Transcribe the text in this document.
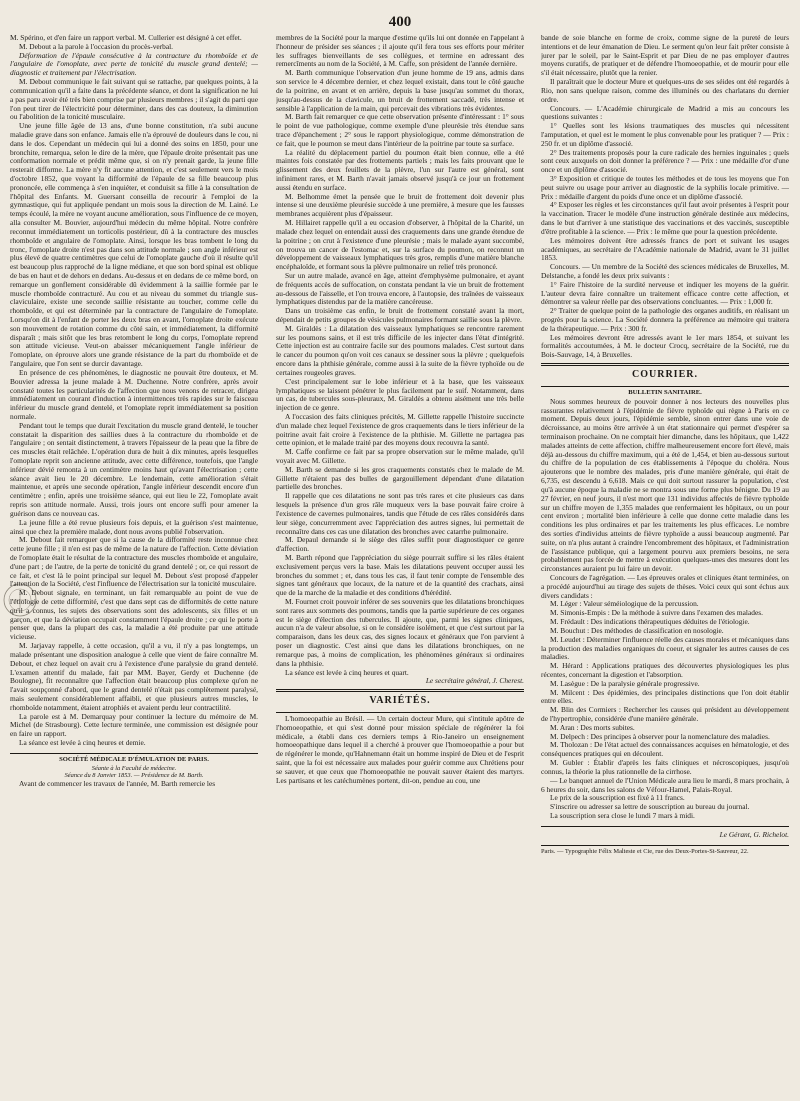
400

M. Spérino, et d'en faire un rapport verbal. M. Cullerier est désigné à cet effet.

M. Debout a la parole à l'occasion du procès-verbal.

Déformation de l'épaule consécutive à la contracture du rhomboïde et de l'angulaire de l'omoplate, avec perte de tonicité du muscle grand dentelé; — diagnostic et traitement par l'électrisation.

M. Debout communique le fait suivant qui se rattache, par quelques points, à la communication qu'il a faite dans la précédente séance, et dont la signification ne lui a pas paru avoir été très bien comprise par plusieurs membres ; il s'agit du parti que l'on peut tirer de l'électricité pour déterminer, dans des cas douteux, la diminution ou l'abolition de la tonicité musculaire.

Une jeune fille âgée de 13 ans, d'une bonne constitution, n'a subi aucune maladie grave dans son enfance. Jamais elle n'a éprouvé de douleurs dans le cou, ni dans le dos. Cependant un médecin qui lui a donné des soins en 1850, pour une bronchite, remarqua, selon le dire de la mère, que l'épaule droite présentait pas une conformation normale et prédit même que, si on n'y prenait garde, la jeune fille resterait difforme. La mère n'y fit aucune attention, et c'est seulement vers le mois d'octobre 1852, que voyant la difformité de l'épaule de sa fille beaucoup plus prononcée, elle commença à s'en inquiéter, et conduisit sa fille à la consultation de l'hôpital des Enfants. M. Guersant conseilla de recourir à l'emploi de la gymnastique, qui fut appliquée pendant un mois sous la direction de M. Lainé. Le temps écoulé, la mère ne voyant aucune amélioration, sous l'influence de ce moyen, alla consulter M. Bouvier, aujourd'hui médecin du même hôpital. Notre confrère reconnut immédiatement un torticolis postérieur, dû à la contracture des muscles rhomboïde et angulaire de l'omoplate. Ainsi, lorsque les bras tombent le long du tronc, l'omoplate droite n'est pas dans son attitude normale ; son angle inférieur est plus élevé de quatre centimètres que celui de l'omoplate gauche d'où il résulte qu'il est beaucoup plus rapproché de la ligne médiane, et que son bord spinal est oblique de bas en haut et de dehors en dedans. Au-dessus et en dedans de ce même bord, on remarque un gonflement considérable dû évidemment à la saillie formée par le muscle rhomboïde contracturé. Au cou et au niveau du sommet du triangle sus-claviculaire, existe une seconde saillie résistante au toucher, comme celle du rhomboïde, et qui est déterminée par la contracture de l'angulaire de l'omoplate. Lorsqu'on dit à l'enfant de porter les deux bras en avant, l'omoplate droite exécute son mouvement de rotation comme du côté sain, et immédiatement, la difformité disparaît ; mais sitôt que les bras retombent le long du corps, l'omoplate reprend son attitude vicieuse. Veut-on abaisser mécaniquement l'angle inférieur de l'omoplate, on éprouve alors une grande résistance de la part du rhomboïde et de l'angulaire, que l'on sent se durcir davantage.

En présence de ces phénomènes, le diagnostic ne pouvait être douteux, et M. Bouvier adressa la jeune malade à M. Duchenne. Notre confrère, après avoir constaté toutes les particularités de l'affection que nous venons de retracer, dirigea immédiatement un courant d'induction à intermittences très rapides sur le faisceau inférieur du muscle grand dentelé, et l'omoplate reprit immédiatement sa position normale.

Pendant tout le temps que durait l'excitation du muscle grand dentelé, le toucher constatait la disparition des saillies dues à la contracture du rhomboïde et de l'angulaire ; on sentait distinctement, à travers l'épaisseur de la peau que la fibre de ces muscles était relâchée. L'opération dura de huit à dix minutes, après lesquelles l'omoplate reprit son ancienne attitude, avec cette différence, toutefois, que l'angle inférieur dévié remonta à un centimètre moins haut qu'avant l'électrisation ; cette séance avait lieu le 20 décembre. Le lendemain, cette amélioration s'était maintenue, et après une seconde opération, l'angle inférieur descendit encore d'un centimètre ; enfin, après une troisième séance, qui eut lieu le 22, l'omoplate avait repris son attitude normale. Aussi, trois jours ont encore suffi pour amener la guérison dans ce nouveau cas.

La jeune fille a été revue plusieurs fois depuis, et la guérison s'est maintenue, ainsi que chez la première malade, dont nous avons publié l'observation.

M. Debout fait remarquer que si la cause de la difformité reste inconnue chez cette jeune fille ; il n'en est pas de même de la nature de l'affection. Cette déviation de l'omoplate était le résultat de la contracture des muscles rhomboïde et angulaire, d'une part ; de l'autre, de la perte de tonicité du grand dentelé ; or, ce qui ressort de ce fait, et c'est là le point principal sur lequel M. Debout s'est proposé d'appeler l'attention de la Société, c'est l'influence de l'électrisation sur la tonicité musculaire.

M. Debout signale, en terminant, un fait remarquable au point de vue de l'étiologie de cette difformité, c'est que dans sept cas de difformités de cette nature qu'il a connus, les sujets des observations sont des adolescents, six filles et un garçon, et que la déviation occupait constamment l'épaule droite ; ce qui le porte à penser que, dans la plupart des cas, la maladie a été produite par une attitude vicieuse.

M. Jarjavay rappelle, à cette occasion, qu'il a vu, il n'y a pas longtemps, un malade présentant une disposition analogue à celle que vient de faire connaître M. Debout, et chez lequel on avait cru à l'existence d'une paralysie du grand dentelé. L'examen attentif du malade, fait par MM. Bayer, Gerdy et Duchenne (de Boulogne), fit reconnaître que l'affection était beaucoup plus complexe qu'on ne l'avait soupçonné d'abord, que le grand dentelé n'était pas complètement paralysé, mais seulement considérablement affaibli, et que plusieurs autres muscles, le rhomboïde notamment, étaient atrophiés et avaient perdu leur contractilité.

La parole est à M. Demarquay pour continuer la lecture du mémoire de M. Michel (de Strasbourg). Cette lecture terminée, une commission est désignée pour en faire un rapport.

La séance est levée à cinq heures et demie.

SOCIÉTÉ MÉDICALE D'ÉMULATION DE PARIS.
Séante à la Faculté de médecine.
Séance du 8 Janvier 1853. — Présidence de M. Barth.

Avant de commencer les travaux de l'année, M. Barth remercie les

membres de la Société pour la marque d'estime qu'ils lui ont donnée en l'appelant à l'honneur de présider ses séances ; il ajoute qu'il fera tous ses efforts pour mériter les suffrages bienveillants de ses collègues, et termine en adressant des remercîments au nom de la Société, à M. Caffe, son président de l'année dernière.

M. Barth communique l'observation d'un jeune homme de 19 ans, admis dans son service le 4 décembre dernier, et chez lequel existait, dans tout le côté gauche de la poitrine, en avant et en arrière, depuis la base jusqu'au sommet du thorax, jusqu'au-dessus de la clavicule, un bruit de frottement saccadé, très intense et sensible à l'application de la main, qui percevait des vibrations très évidentes.

M. Barth fait remarquer ce que cette observation présente d'intéressant : 1° sous le point de vue pathologique, comme exemple d'une pleurésie très étendue sans trace d'épanchement ; 2° sous le rapport physiologique, comme démonstration de ce fait, que le poumon se meut dans l'intérieur de la poitrine par toute sa surface.

La réalité du déplacement partiel du poumon était bien connue, elle a été maintes fois constatée par des frottements partiels ; mais les faits prouvant que le glissement des deux feuillets de la plèvre, l'un sur l'autre est général, sont infiniment rares, et M. Barth n'avait jamais observé jusqu'à ce jour un frottement aussi étendu en surface.

M. Belhomme émet la pensée que le bruit de frottement doit devenir plus intense si une deuxième pleurésie succède à une première, à mesure que les fausses membranes acquièrent plus d'épaisseur.

M. Hillairet rappelle qu'il a eu occasion d'observer, à l'hôpital de la Charité, un malade chez lequel on entendait aussi des craquements dans une grande étendue de la poitrine ; on crut à l'existence d'une pleurésie ; mais le malade ayant succombé, on trouva un cancer de l'estomac et, sur la surface du poumon, on reconnut un développement de vaisseaux lymphatiques très gros, remplis d'une matière blanche encéphaloïde, et formant sous la plèvre pulmonaire un relief très prononcé.

Sur un autre malade, avancé en âge, atteint d'emphysème pulmonaire, et ayant de fréquents accès de suffocation, on constata pendant la vie un bruit de frottement au-dessous de l'aisselle, et l'on trouva encore, à l'autopsie, des traînées de vaisseaux lymphatiques distendus par de la matière cancéreuse.

Dans un troisième cas enfin, le bruit de frottement constaté avant la mort, dépendait de petits groupes de vésicules pulmonaires formant saillie sous la plèvre.

M. Giraldès : La dilatation des vaisseaux lymphatiques se rencontre rarement sur les poumons sains, et il est très difficile de les injecter dans l'état d'intégrité. Cette injection est au contraire facile sur des poumons malades. C'est surtout dans le cancer du poumon qu'on voit ces canaux se dessiner sous la plèvre ; quelquefois encore dans la phthisie générale, comme aussi à la suite de la fièvre typhoïde ou de certaines rougeoles graves.

C'est principalement sur le lobe inférieur et à la base, que les vaisseaux lymphatiques se laissent pénétrer le plus facilement par le suif. Notamment, dans un cas, de tubercules sous-pleuraux, M. Giraldès a obtenu aisément une très belle injection de ce genre.

A l'occasion des faits cliniques précités, M. Gillette rappelle l'histoire succincte d'un malade chez lequel l'existence de gros craquements dans le tiers inférieur de la poitrine avait fait croire à l'existence de la phthisie. M. Gillette ne partagea pas cette opinion, et le malade traité par des moyens doux recouvra la santé.

M. Caffe confirme ce fait par sa propre observation sur le même malade, qu'il voyait avec M. Gillette.

M. Barth se demande si les gros craquements constatés chez le malade de M. Gillette n'étaient pas des bulles de gargouillement dépendant d'une dilatation partielle des bronches.

Il rappelle que ces dilatations ne sont pas très rares et cite plusieurs cas dans lesquels la présence d'un gros râle muqueux vers la base pouvait faire croire à l'existence de cavernes pulmonaires, tandis que l'étude de ces râles considérés dans leur siège, concurremment avec l'appréciation des autres signes, lui permettait de reconnaître dans ces cas une dilatation des bronches avec catarrhe pulmonaire.

M. Depaul demande si le siège des râles suffit pour diagnostiquer ce genre d'affection.

M. Barth répond que l'appréciation du siège pourrait suffire si les râles étaient exclusivement perçus vers la base. Mais les dilatations peuvent occuper aussi les bronches du sommet ; et, dans tous les cas, il faut tenir compte de l'ensemble des signes tant généraux que locaux, de la nature et de la quantité des crachats, ainsi que de la marche de la maladie et des conditions d'hérédité.

M. Fournet croit pouvoir inférer de ses souvenirs que les dilatations bronchiques sont rares aux sommets des poumons, tandis que la partie supérieure de ces organes est le siège d'élection des tubercules. Il ajoute, que, parmi les signes cliniques, aucun n'a de valeur absolue, si on le considère isolément, et que c'est surtout par la comparaison, dans les deux cas, des signes locaux et généraux que l'on parvient à poser un diagnostic. C'est ainsi que dans les dilatations bronchiques, on ne remarque pas, à moins de complication, les phénomènes généraux si ordinaires dans la phthisie.

La séance est levée à cinq heures et quart.

Le secrétaire général, J. Cherest.

VARIÉTÉS.

L'homoeopathie au Brésil. — Un certain docteur Mure, qui s'intitule apôtre de l'homoeopathie, et qui s'est donné pour mission spéciale de régénérer la foi médicale, a établi dans ces derniers temps à Rio-Janeiro un enseignement homoeopathique dans lequel il a cherché à prouver que l'homoeopathie a pour but de régénérer le monde, qu'Hahnemann était un homme inspiré de Dieu et de l'esprit saint, que la foi est nécessaire aux malades pour guérir comme aux Chrétiens pour se sauver, et que ceux que l'homoeopathie ne pouvait sauver étaient des martyrs. Les partisans et les catéchumènes portent, dit-on, pendue au cou, une

bande de soie blanche en forme de croix, comme signe de la pureté de leurs intentions et de leur émanation de Dieu. Le serment qu'on leur fait prêter consiste à jurer par le soleil, par le Saint-Esprit et par Dieu de ne pas employer d'autres moyens curatifs, de pratiquer et de défendre l'homoeopathie, et de mourir pour elle s'il était nécessaire, plutôt que la renier.

Il paraîtrait que le docteur Mure et quelques-uns de ses séides ont été regardés à Rio, non sans quelque raison, comme des illuminés ou des charlatans du dernier ordre.

Concours. — L'Académie chirurgicale de Madrid a mis au concours les questions suivantes :

1° Quelles sont les lésions traumatiques des muscles qui nécessitent l'amputation, et quel est le moment le plus convenable pour les pratiquer ? — Prix : 250 fr. et un diplôme d'associé.

2° Des traitements proposés pour la cure radicale des hernies inguinales ; quels sont ceux auxquels on doit donner la préférence ? — Prix : une médaille d'or d'une once et un diplôme d'associé.

3° Exposition et critique de toutes les méthodes et de tous les moyens que l'on peut suivre ou usage pour arriver au diagnostic de la syphilis locale primitive. — Prix : médaille d'argent du poids d'une once et un diplôme d'associé.

4° Exposer les règles et les circonstances qu'il faut avoir présentes à l'esprit pour la vaccination. Tracer le modèle d'une instruction générale destinée aux médecins, dans le but d'arriver à une statistique des vaccinations et des vaccinés, susceptible d'être profitable à la science. — Prix : le même que pour la question précédente.

Les mémoires doivent être adressés francs de port et suivant les usages académiques, au secrétaire de l'Académie nationale de Madrid, avant le 31 juillet 1853.

Concours. — Un membre de la Société des sciences médicales de Bruxelles, M. Delstanche, a fondé les deux prix suivants :

1° Faire l'histoire de la surdité nerveuse et indiquer les moyens de la guérir. L'auteur devra faire connaître un traitement efficace contre cette affection, et démontrer sa valeur réelle par des observations concluantes. — Prix : 1,000 fr.

2° Traiter de quelque point de la pathologie des organes auditifs, en réalisant un progrès pour la science. La Société donnera la préférence au mémoire qui traitera de la thérapeutique. — Prix : 300 fr.

Les mémoires devront être adressés avant le 1er mars 1854, et suivant les formalités accoutumées, à M. le docteur Crocq, secrétaire de la Société, rue du Bois-Sauvage, 14, à Bruxelles.

COURRIER.
BULLETIN SANITAIRE.

Nous sommes heureux de pouvoir donner à nos lecteurs des nouvelles plus rassurantes relativement à l'épidémie de fièvre typhoïde qui règne à Paris en ce moment. Depuis deux jours, l'épidémie semble, sinon entrer dans une voie de décroissance, au moins être arrivée à un état stationnaire qui permet d'espérer sa terminaison prochaine. On ne comptait hier dimanche, dans les hôpitaux, que 1,422 malades atteints de cette affection, chiffre malheureusement encore fort élevé, mais déjà au-dessous du chiffre maximum, qui a été de 1,454, et bien au-dessous surtout du chiffre de la population de ces établissements à l'époque du choléra. Nous ajouterons que le nombre des malades, pris d'une manière générale, qui était de 6,735, est descendu à 6,618. Mais ce qui doit surtout rassurer la population, c'est qu'à aucune époque la maladie ne se montra sous une forme plus bénigne. Du 19 au 27 février, en neuf jours, il n'est mort que 131 individus affectés de fièvre typhoïde sur un chiffre moyen de 1,355 malades que renfermaient les hôpitaux, ou un pour cent environ ; mortalité bien inférieure à celle que donne cette maladie dans les conditions les plus ordinaires et par les traitements les plus efficaces. Le nombre des sorties d'individus atteints de fièvre typhoïde a aussi beaucoup augmenté. Par suite, on n'a plus autant à craindre l'encombrement des hôpitaux, et l'administration de l'assistance publique, qui a largement pourvu aux premiers besoins, ne sera probablement pas forcée de mettre à exécution quelques-unes des mesures dont les circonstances auraient pu lui faire un devoir.

Concours de l'agrégation. — Les épreuves orales et cliniques étant terminées, on a procédé aujourd'hui au tirage des sujets de thèses. Voici ceux qui sont échus aux divers candidats :

M. Léger : Valeur séméiologique de la percussion.

M. Simonis-Empis : De la méthode à suivre dans l'examen des malades.

M. Frédault : Des indications thérapeutiques déduites de l'étiologie.

M. Bouchut : Des méthodes de classification en nosologie.

M. Leudet : Déterminer l'influence réelle des causes morales et mécaniques dans la production des maladies organiques du coeur, et signaler les autres causes de ces maladies.

M. Hérard : Applications pratiques des découvertes physiologiques les plus récentes, concernant la digestion et l'absorption.

M. Lasègue : De la paralysie générale progressive.

M. Milcent : Des épidémies, des principales distinctions que l'on doit établir entre elles.

M. Blin des Cormiers : Rechercher les causes qui président au développement de l'hypertrophie, considérée d'une manière générale.

M. Aran : Des morts subites.

M. Delpech : Des principes à observer pour la nomenclature des maladies.

M. Tholozan : De l'état actuel des connaissances acquises en hématologie, et des conséquences pratiques qui en découlent.

M. Gubler : Établir d'après les faits cliniques et nécroscopiques, jusqu'où connus, la théorie la plus rationnelle de la cirrhose.

— Le banquet annuel de l'Union Médicale aura lieu le mardi, 8 mars prochain, à 6 heures du soir, dans les salons de Véfour-Hamel, Palais-Royal.

Le prix de la souscription est fixé à 11 francs.

S'inscrire ou adresser sa lettre de souscription au bureau du journal.

La souscription sera close le lundi 7 mars à midi.

Le Gérant, G. Richelot.

Paris. — Typographie Félix Malteste et Cie, rue des Deux-Portes-St-Sauveur, 22.
